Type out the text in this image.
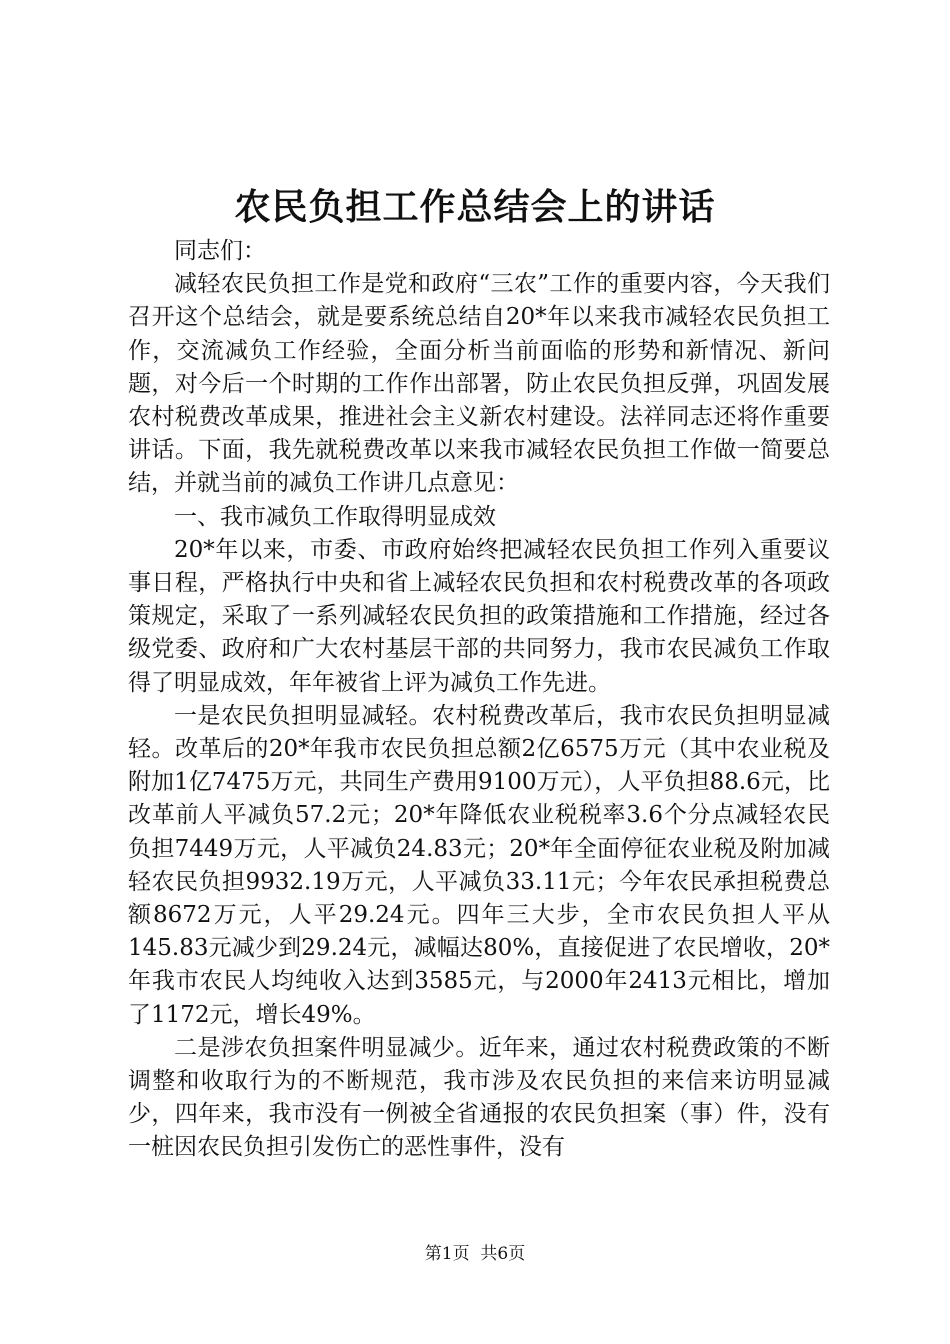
农民负担工作总结会上的讲话

同志们：

减轻农民负担工作是党和政府“三农”工作的重要内容，今天我们召开这个总结会，就是要系统总结自20*年以来我市减轻农民负担工作，交流减负工作经验，全面分析当前面临的形势和新情况、新问题，对今后一个时期的工作作出部署，防止农民负担反弹，巩固发展农村税费改革成果，推进社会主义新农村建设。法祥同志还将作重要讲话。下面，我先就税费改革以来我市减轻农民负担工作做一简要总结，并就当前的减负工作讲几点意见：

一、我市减负工作取得明显成效

20*年以来，市委、市政府始终把减轻农民负担工作列入重要议事日程，严格执行中央和省上减轻农民负担和农村税费改革的各项政策规定，采取了一系列减轻农民负担的政策措施和工作措施，经过各级党委、政府和广大农村基层干部的共同努力，我市农民减负工作取得了明显成效，年年被省上评为减负工作先进。

一是农民负担明显减轻。农村税费改革后，我市农民负担明显减轻。改革后的20*年我市农民负担总额2亿6575万元（其中农业税及附加1亿7475万元，共同生产费用9100万元），人平负担88.6元，比改革前人平减负57.2元；20*年降低农业税税率3.6个分点减轻农民负担7449万元，人平减负24.83元；20*年全面停征农业税及附加减轻农民负担9932.19万元，人平减负33.11元；今年农民承担税费总额8672万元，人平29.24元。四年三大步，全市农民负担人平从145.83元减少到29.24元，减幅达80%，直接促进了农民增收，20*年我市农民人均纯收入达到3585元，与2000年2413元相比，增加了1172元，增长49%。

二是涉农负担案件明显减少。近年来，通过农村税费政策的不断调整和收取行为的不断规范，我市涉及农民负担的来信来访明显减少，四年来，我市没有一例被全省通报的农民负担案（事）件，没有一桩因农民负担引发伤亡的恶性事件，没有

第1页 共6页
